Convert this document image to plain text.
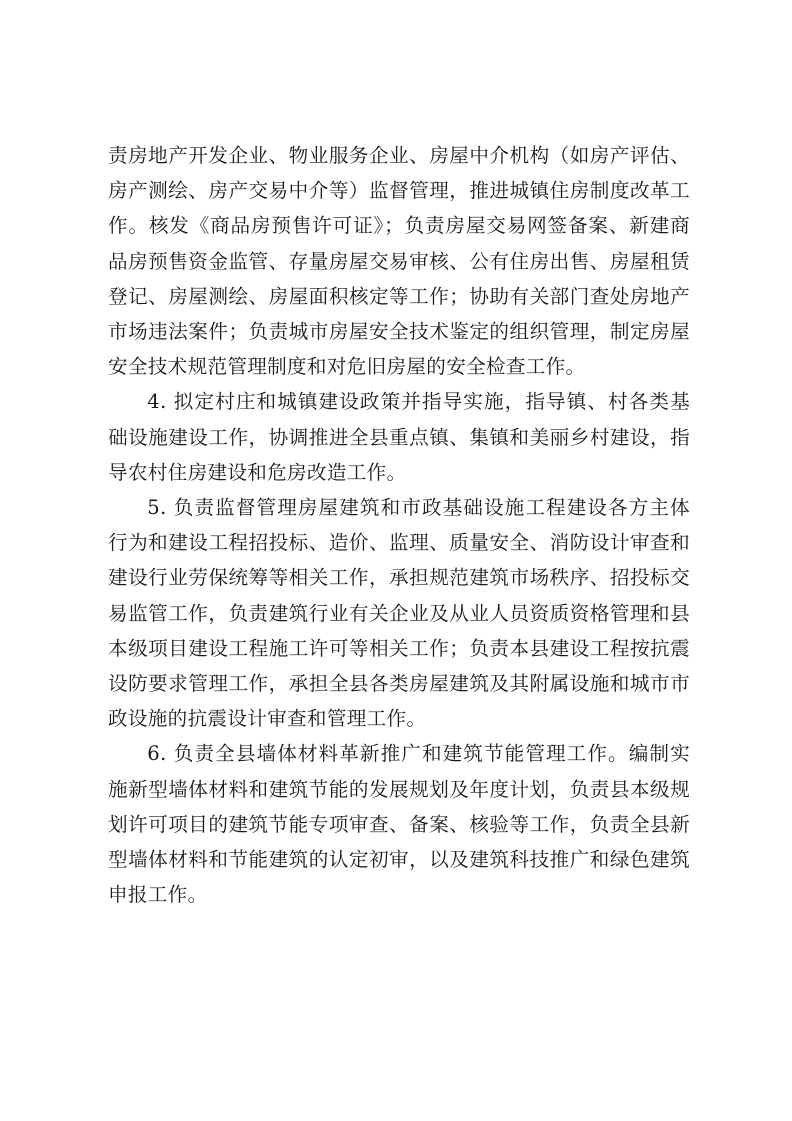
责房地产开发企业、物业服务企业、房屋中介机构（如房产评估、房产测绘、房产交易中介等）监督管理，推进城镇住房制度改革工作。核发《商品房预售许可证》；负责房屋交易网签备案、新建商品房预售资金监管、存量房屋交易审核、公有住房出售、房屋租赁登记、房屋测绘、房屋面积核定等工作；协助有关部门查处房地产市场违法案件；负责城市房屋安全技术鉴定的组织管理，制定房屋安全技术规范管理制度和对危旧房屋的安全检查工作。

4. 拟定村庄和城镇建设政策并指导实施，指导镇、村各类基础设施建设工作，协调推进全县重点镇、集镇和美丽乡村建设，指导农村住房建设和危房改造工作。

5. 负责监督管理房屋建筑和市政基础设施工程建设各方主体行为和建设工程招投标、造价、监理、质量安全、消防设计审查和建设行业劳保统筹等相关工作，承担规范建筑市场秩序、招投标交易监管工作，负责建筑行业有关企业及从业人员资质资格管理和县本级项目建设工程施工许可等相关工作；负责本县建设工程按抗震设防要求管理工作，承担全县各类房屋建筑及其附属设施和城市市政设施的抗震设计审查和管理工作。

6. 负责全县墙体材料革新推广和建筑节能管理工作。编制实施新型墙体材料和建筑节能的发展规划及年度计划，负责县本级规划许可项目的建筑节能专项审查、备案、核验等工作，负责全县新型墙体材料和节能建筑的认定初审，以及建筑科技推广和绿色建筑申报工作。
